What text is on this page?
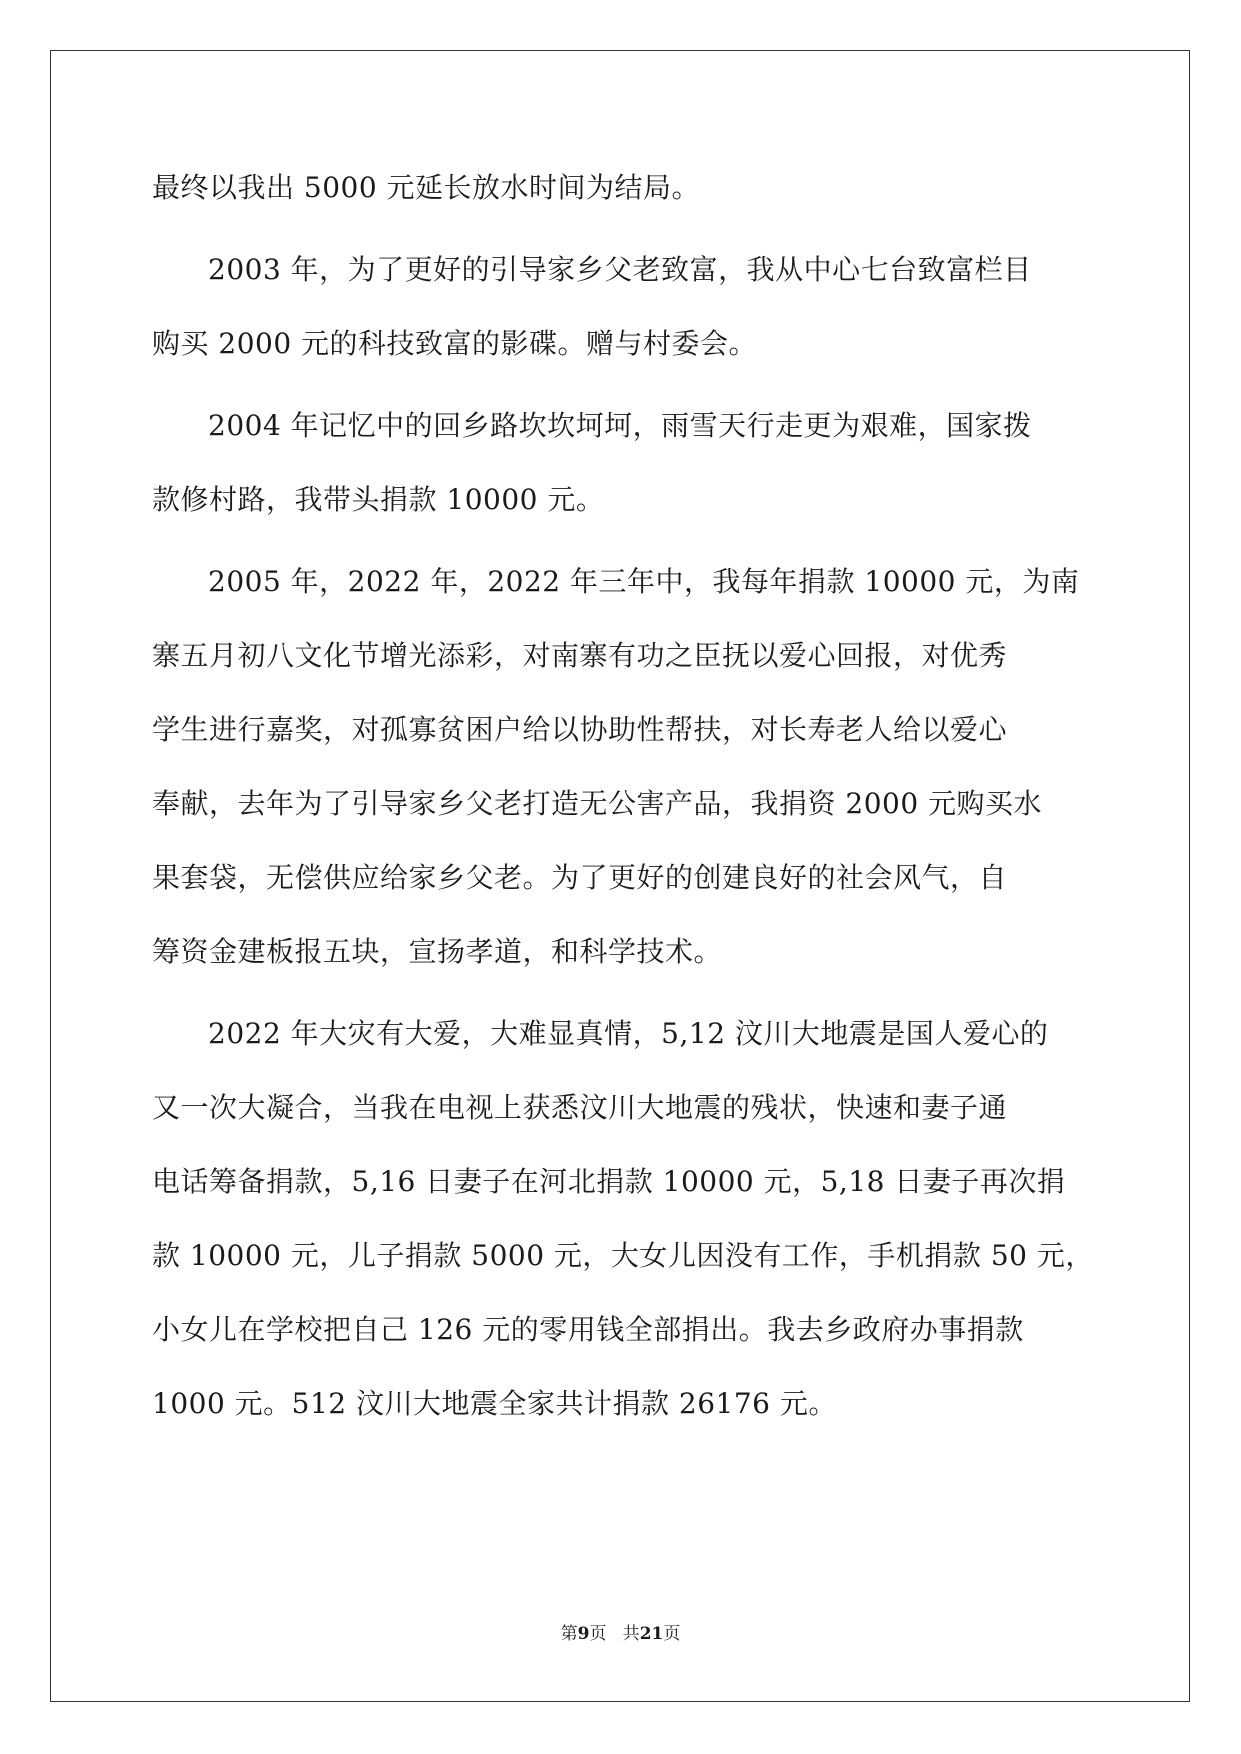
最终以我出 5000 元延长放水时间为结局。
2003 年，为了更好的引导家乡父老致富，我从中心七台致富栏目
购买 2000 元的科技致富的影碟。赠与村委会。
2004 年记忆中的回乡路坎坎坷坷，雨雪天行走更为艰难，国家拨
款修村路，我带头捐款 10000 元。
2005 年，2022 年，2022 年三年中，我每年捐款 10000 元，为南
寨五月初八文化节增光添彩，对南寨有功之臣抚以爱心回报，对优秀
学生进行嘉奖，对孤寡贫困户给以协助性帮扶，对长寿老人给以爱心
奉献，去年为了引导家乡父老打造无公害产品，我捐资 2000 元购买水
果套袋，无偿供应给家乡父老。为了更好的创建良好的社会风气，自
筹资金建板报五块，宣扬孝道，和科学技术。
2022 年大灾有大爱，大难显真情，5,12 汶川大地震是国人爱心的
又一次大凝合，当我在电视上获悉汶川大地震的残状，快速和妻子通
电话筹备捐款，5,16 日妻子在河北捐款 10000 元，5,18 日妻子再次捐
款 10000 元，儿子捐款 5000 元，大女儿因没有工作，手机捐款 50 元，
小女儿在学校把自己 126 元的零用钱全部捐出。我去乡政府办事捐款
1000 元。512 汶川大地震全家共计捐款 26176 元。
第9页   共21页
